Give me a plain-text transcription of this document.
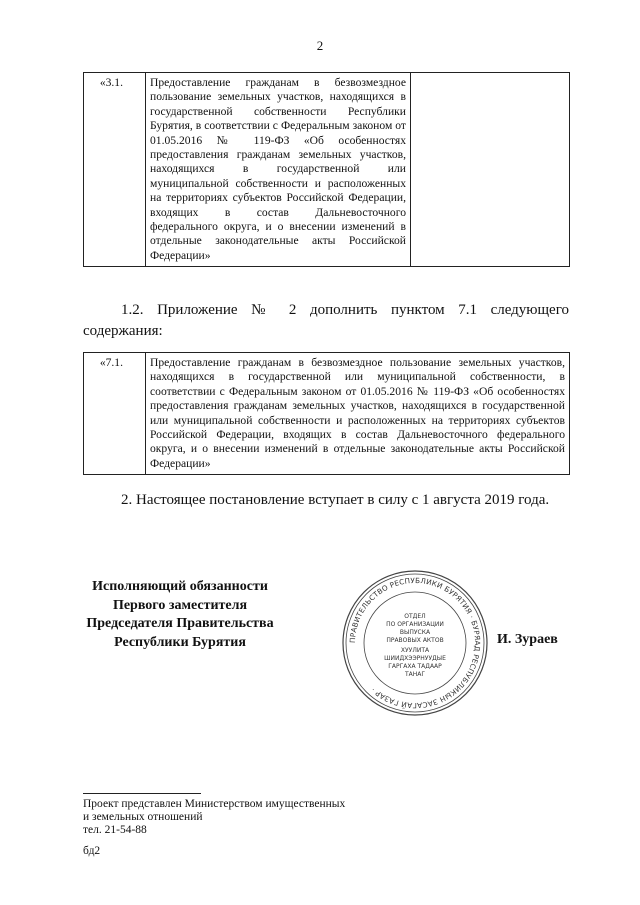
2
«3.1.	Предоставление гражданам в безвозмездное пользование земельных участков, находящихся в государственной собственности Республики Бурятия, в соответствии с Федеральным законом от 01.05.2016 № 119-ФЗ «Об особенностях предоставления гражданам земельных участков, находящихся в государственной или муниципальной собственности и расположенных на территориях субъектов Российской Федерации, входящих в состав Дальневосточного федерального округа, и о внесении изменений в отдельные законодательные акты Российской Федерации»	
1.2. Приложение № 2 дополнить пунктом 7.1 следующего содержания:
«7.1.	Предоставление гражданам в безвозмездное пользование земельных участков, находящихся в государственной или муниципальной собственности, в соответствии с Федеральным законом от 01.05.2016 № 119-ФЗ «Об особенностях предоставления гражданам земельных участков, находящихся в государственной или муниципальной собственности и расположенных на территориях субъектов Российской Федерации, входящих в состав Дальневосточного федерального округа, и о внесении изменений в отдельные законодательные акты Российской Федерации»
2. Настоящее постановление вступает в силу с 1 августа 2019 года.
Исполняющий обязанности
Первого заместителя
Председателя Правительства
Республики Бурятия	ПРАВИТЕЛЬСТВО РЕСПУБЛИКИ БУРЯТИЯ · БУРЯАД РЕСПУБЛИКЫН ЗАСАГАЙ ГАЗАР ·
ОТДЕЛ
ПО ОРГАНИЗАЦИИ
ВЫПУСКА
ПРАВОВЫХ АКТОВ
ХУУЛИТА
ШИИДХЭЭРНУУДЫЕ
ГАРГАХА ТАДААР
ТАНАГ
И. Зураев
Проект представлен Министерством имущественных
и земельных отношений
тел. 21-54-88
бд2
